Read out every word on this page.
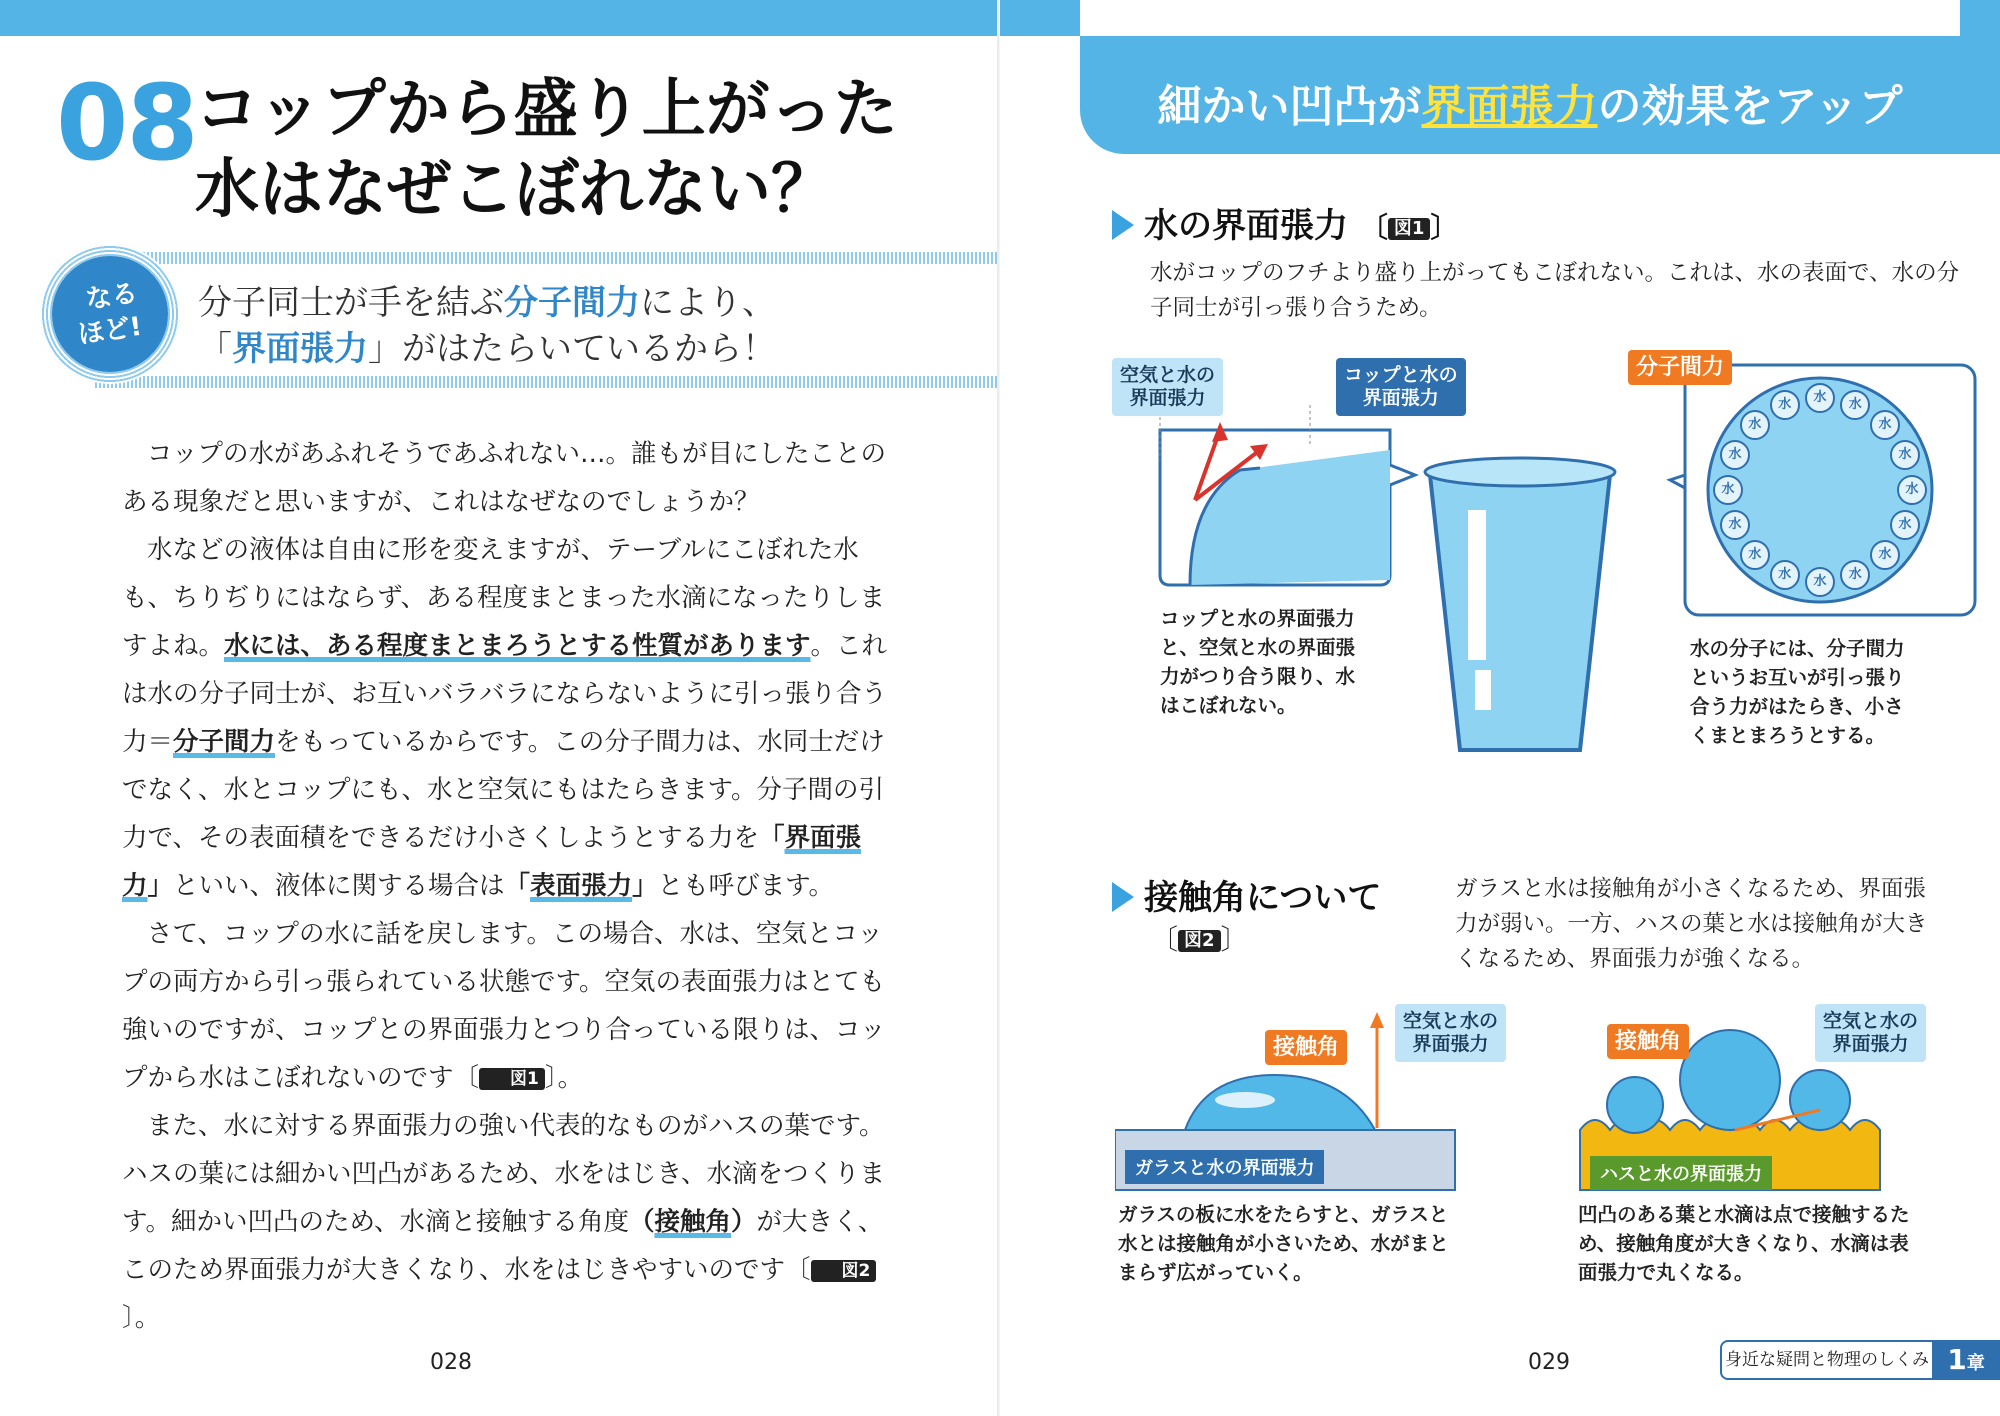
08
コップから盛り上がった
水はなぜこぼれない？
なる
ほど!
分子同士が手を結ぶ分子間力により、
「界面張力」がはたらいているから！

コップの水があふれそうであふれない…。誰もが目にしたことのある現象だと思いますが、これはなぜなのでしょうか？

水などの液体は自由に形を変えますが、テーブルにこぼれた水も、ちりぢりにはならず、ある程度まとまった水滴になったりしますよね。水には、ある程度まとまろうとする性質があります。これは水の分子同士が、お互いバラバラにならないように引っ張り合う力＝分子間力をもっているからです。この分子間力は、水同士だけでなく、水とコップにも、水と空気にもはたらきます。分子間の引力で、その表面積をできるだけ小さくしようとする力を「界面張力」といい、液体に関する場合は「表面張力」とも呼びます。

さて、コップの水に話を戻します。この場合、水は、空気とコップの両方から引っ張られている状態です。空気の表面張力はとても強いのですが、コップとの界面張力とつり合っている限りは、コップから水はこぼれないのです〔 図1 〕。

また、水に対する界面張力の強い代表的なものがハスの葉です。ハスの葉には細かい凹凸があるため、水をはじき、水滴をつくります。細かい凹凸のため、水滴と接触する角度（接触角）が大きく、このため界面張力が大きくなり、水をはじきやすいのです〔 図2〕。

028
細かい凹凸が界面張力の効果をアップ
水の界面張力 〔 図1 〕
水がコップのフチより盛り上がってもこぼれない。これは、水の表面で、水の分子同士が引っ張り合うため。
水
水
水
水
水
水
水
水
水
水
水
水	水	水
水
水
空気と水の
界面張力
コップと水の
界面張力
分子間力
コップと水の界面張力
と、空気と水の界面張
力がつり合う限り、水
はこぼれない。
水の分子には、分子間力
というお互いが引っ張り
合う力がはたらき、小さ
くまとまろうとする。
接触角について
〔 図2 〕
ガラスと水は接触角が小さくなるため、界面張力が弱い。一方、ハスの葉と水は接触角が大きくなるため、界面張力が強くなる。
接触角
空気と水の
界面張力	接触角
空気と水の
界面張力
ガラスと水の界面張力	ハスと水の界面張力
ガラスの板に水をたらすと、ガラスと
水とは接触角が小さいため、水がまと
まらず広がっていく。
凹凸のある葉と水滴は点で接触するた
め、接触角度が大きくなり、水滴は表
面張力で丸くなる。
029	身近な疑問と物理のしくみ 1章
